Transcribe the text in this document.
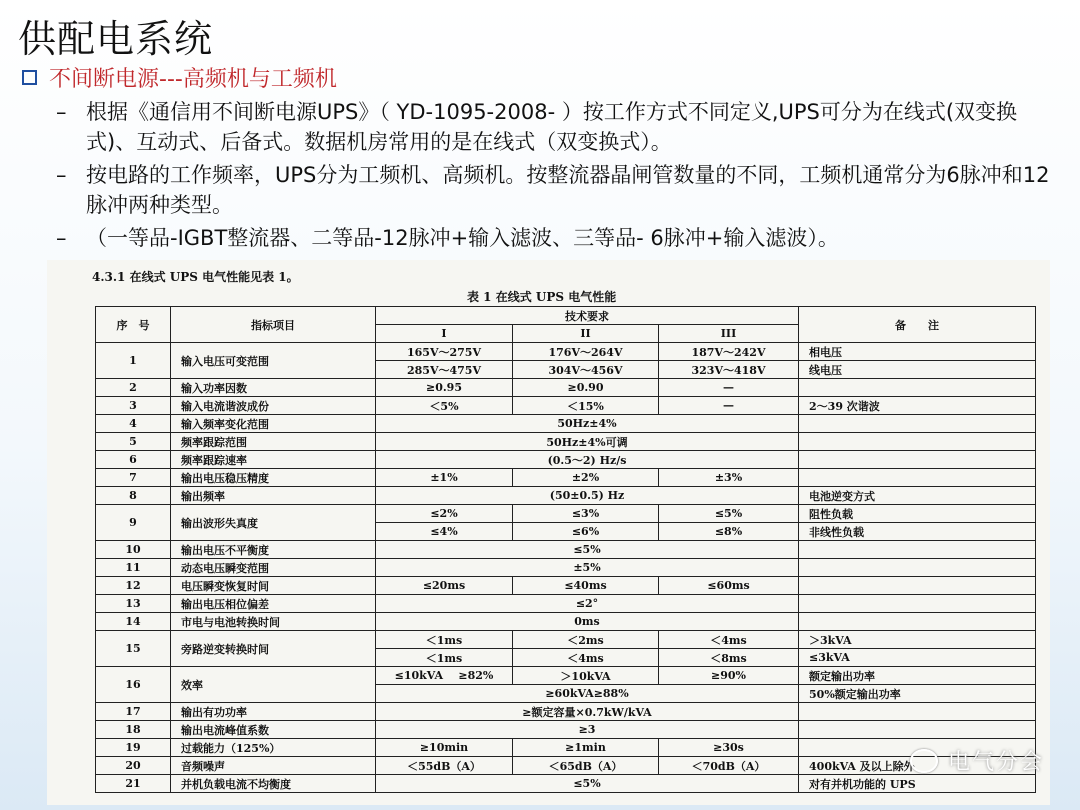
供配电系统
不间断电源---高频机与工频机
– 根据《通信用不间断电源UPS》（ YD-1095-2008- ）按工作方式不同定义,UPS可分为在线式(双变换式)、互动式、后备式。数据机房常用的是在线式（双变换式）。
– 按电路的工作频率，UPS分为工频机、高频机。按整流器晶闸管数量的不同，工频机通常分为6脉冲和12脉冲两种类型。
– （一等品-IGBT整流器、二等品-12脉冲+输入滤波、三等品- 6脉冲+输入滤波）。
4.3.1 在线式 UPS 电气性能见表 1。
表 1 在线式 UPS 电气性能
序　号	指标项目	技术要求			备　　注
		I	II	III	
1	输入电压可变范围	165V～275V	176V～264V	187V～242V	相电压
		285V～475V	304V～456V	323V～418V	线电压
2	输入功率因数	≥0.95	≥0.90	—	
3	输入电流谐波成份	＜5%	＜15%	—	2～39 次谐波
4	输入频率变化范围	50Hz±4%			
5	频率跟踪范围	50Hz±4%可调			
6	频率跟踪速率	(0.5～2) Hz/s			
7	输出电压稳压精度	±1%	±2%	±3%	
8	输出频率	(50±0.5) Hz			电池逆变方式
9	输出波形失真度	≤2%	≤3%	≤5%	阻性负载
		≤4%	≤6%	≤8%	非线性负载
10	输出电压不平衡度	≤5%			
11	动态电压瞬变范围	±5%			
12	电压瞬变恢复时间	≤20ms	≤40ms	≤60ms	
13	输出电压相位偏差	≤2°			
14	市电与电池转换时间	0ms			
15	旁路逆变转换时间	＜1ms	＜2ms	＜4ms	＞3kVA
		＜1ms	＜4ms	＜8ms	≤3kVA
16	效率	≤10kVA ≥82%	＞10kVA	≥90%	额定输出功率
		≥60kVA≥88%			50%额定输出功率
17	输出有功功率	≥额定容量×0.7kW/kVA			
18	输出电流峰值系数	≥3			
19	过载能力（125%）	≥10min	≥1min	≥30s	
20	音频噪声	＜55dB（A）	＜65dB（A）	＜70dB（A）	400kVA 及以上除外
21	并机负载电流不均衡度	≤5%			对有并机功能的 UPS
电气分会
